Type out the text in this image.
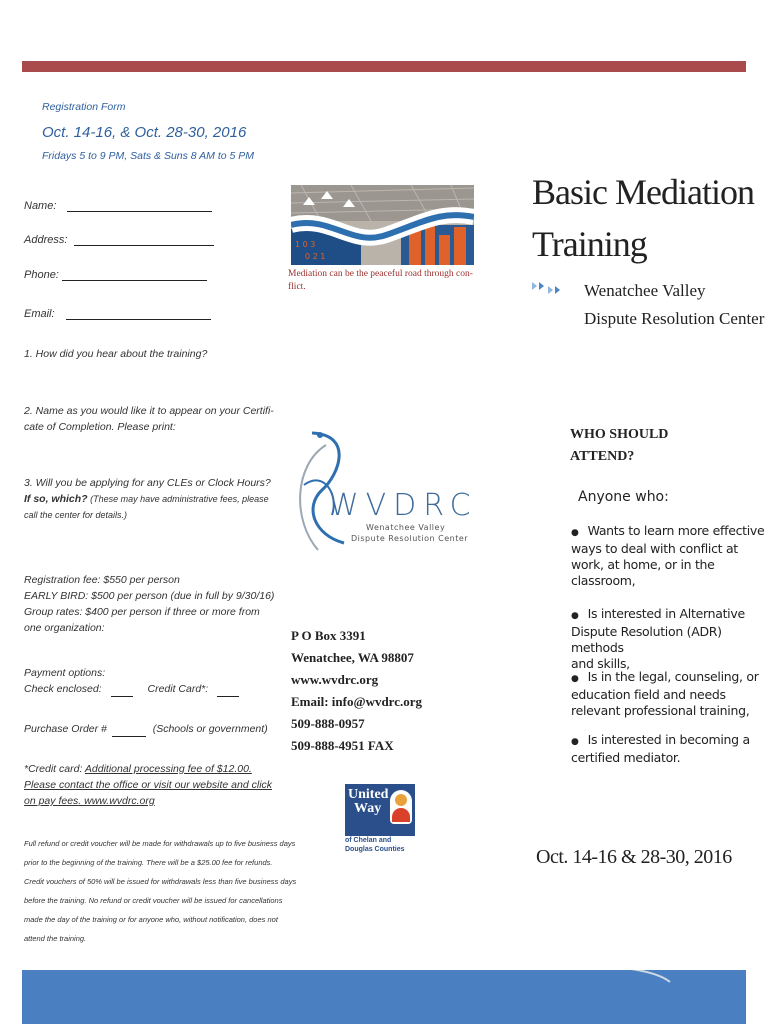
Registration Form
Oct. 14-16, & Oct. 28-30, 2016
Fridays 5 to 9 PM, Sats & Suns 8 AM to 5 PM
Name:
Address:
Phone:
Email:
1. How did you hear about the training?
2. Name as you would like it to appear on your Certifi-
cate of Completion. Please print:
3. Will you be applying for any CLEs or Clock Hours?
If so, which? (These may have administrative fees, please
call the center for details.)
Registration fee: $550 per person
EARLY BIRD: $500 per person (due in full by 9/30/16)
Group rates: $400 per person if three or more from
one organization:
Payment options:
Check enclosed:	Credit Card*:
Purchase Order #	(Schools or government)
*Credit card: Additional processing fee of $12.00.
Please contact the office or visit our website and click
on pay fees. www.wvdrc.org
Full refund or credit voucher will be made for withdrawals up to five business days
prior to the beginning of the training. There will be a $25.00 fee for refunds.
Credit vouchers of 50% will be issued for withdrawals less than five business days
before the training. No refund or credit voucher will be issued for cancellations
made the day of the training or for anyone who, without notification, does not
attend the training.
1 0 3
0 2 1
Mediation can be the peaceful road through con-
flict.
WVDRC
Wenatchee Valley
Dispute Resolution Center
P O Box 3391
Wenatchee, WA 98807
www.wvdrc.org
Email: info@wvdrc.org
509-888-0957
509-888-4951 FAX
United
Way
of Chelan and
Douglas Counties
Basic Mediation
Training
Wenatchee Valley
Dispute Resolution Center
WHO SHOULD
ATTEND?
Anyone who:
● Wants to learn more effective
ways to deal with conflict at
work, at home, or in the
classroom,
● Is interested in Alternative
Dispute Resolution (ADR) methods
and skills,
● Is in the legal, counseling, or
education field and needs
relevant professional training,
● Is interested in becoming a
certified mediator.
Oct. 14-16 & 28-30, 2016
